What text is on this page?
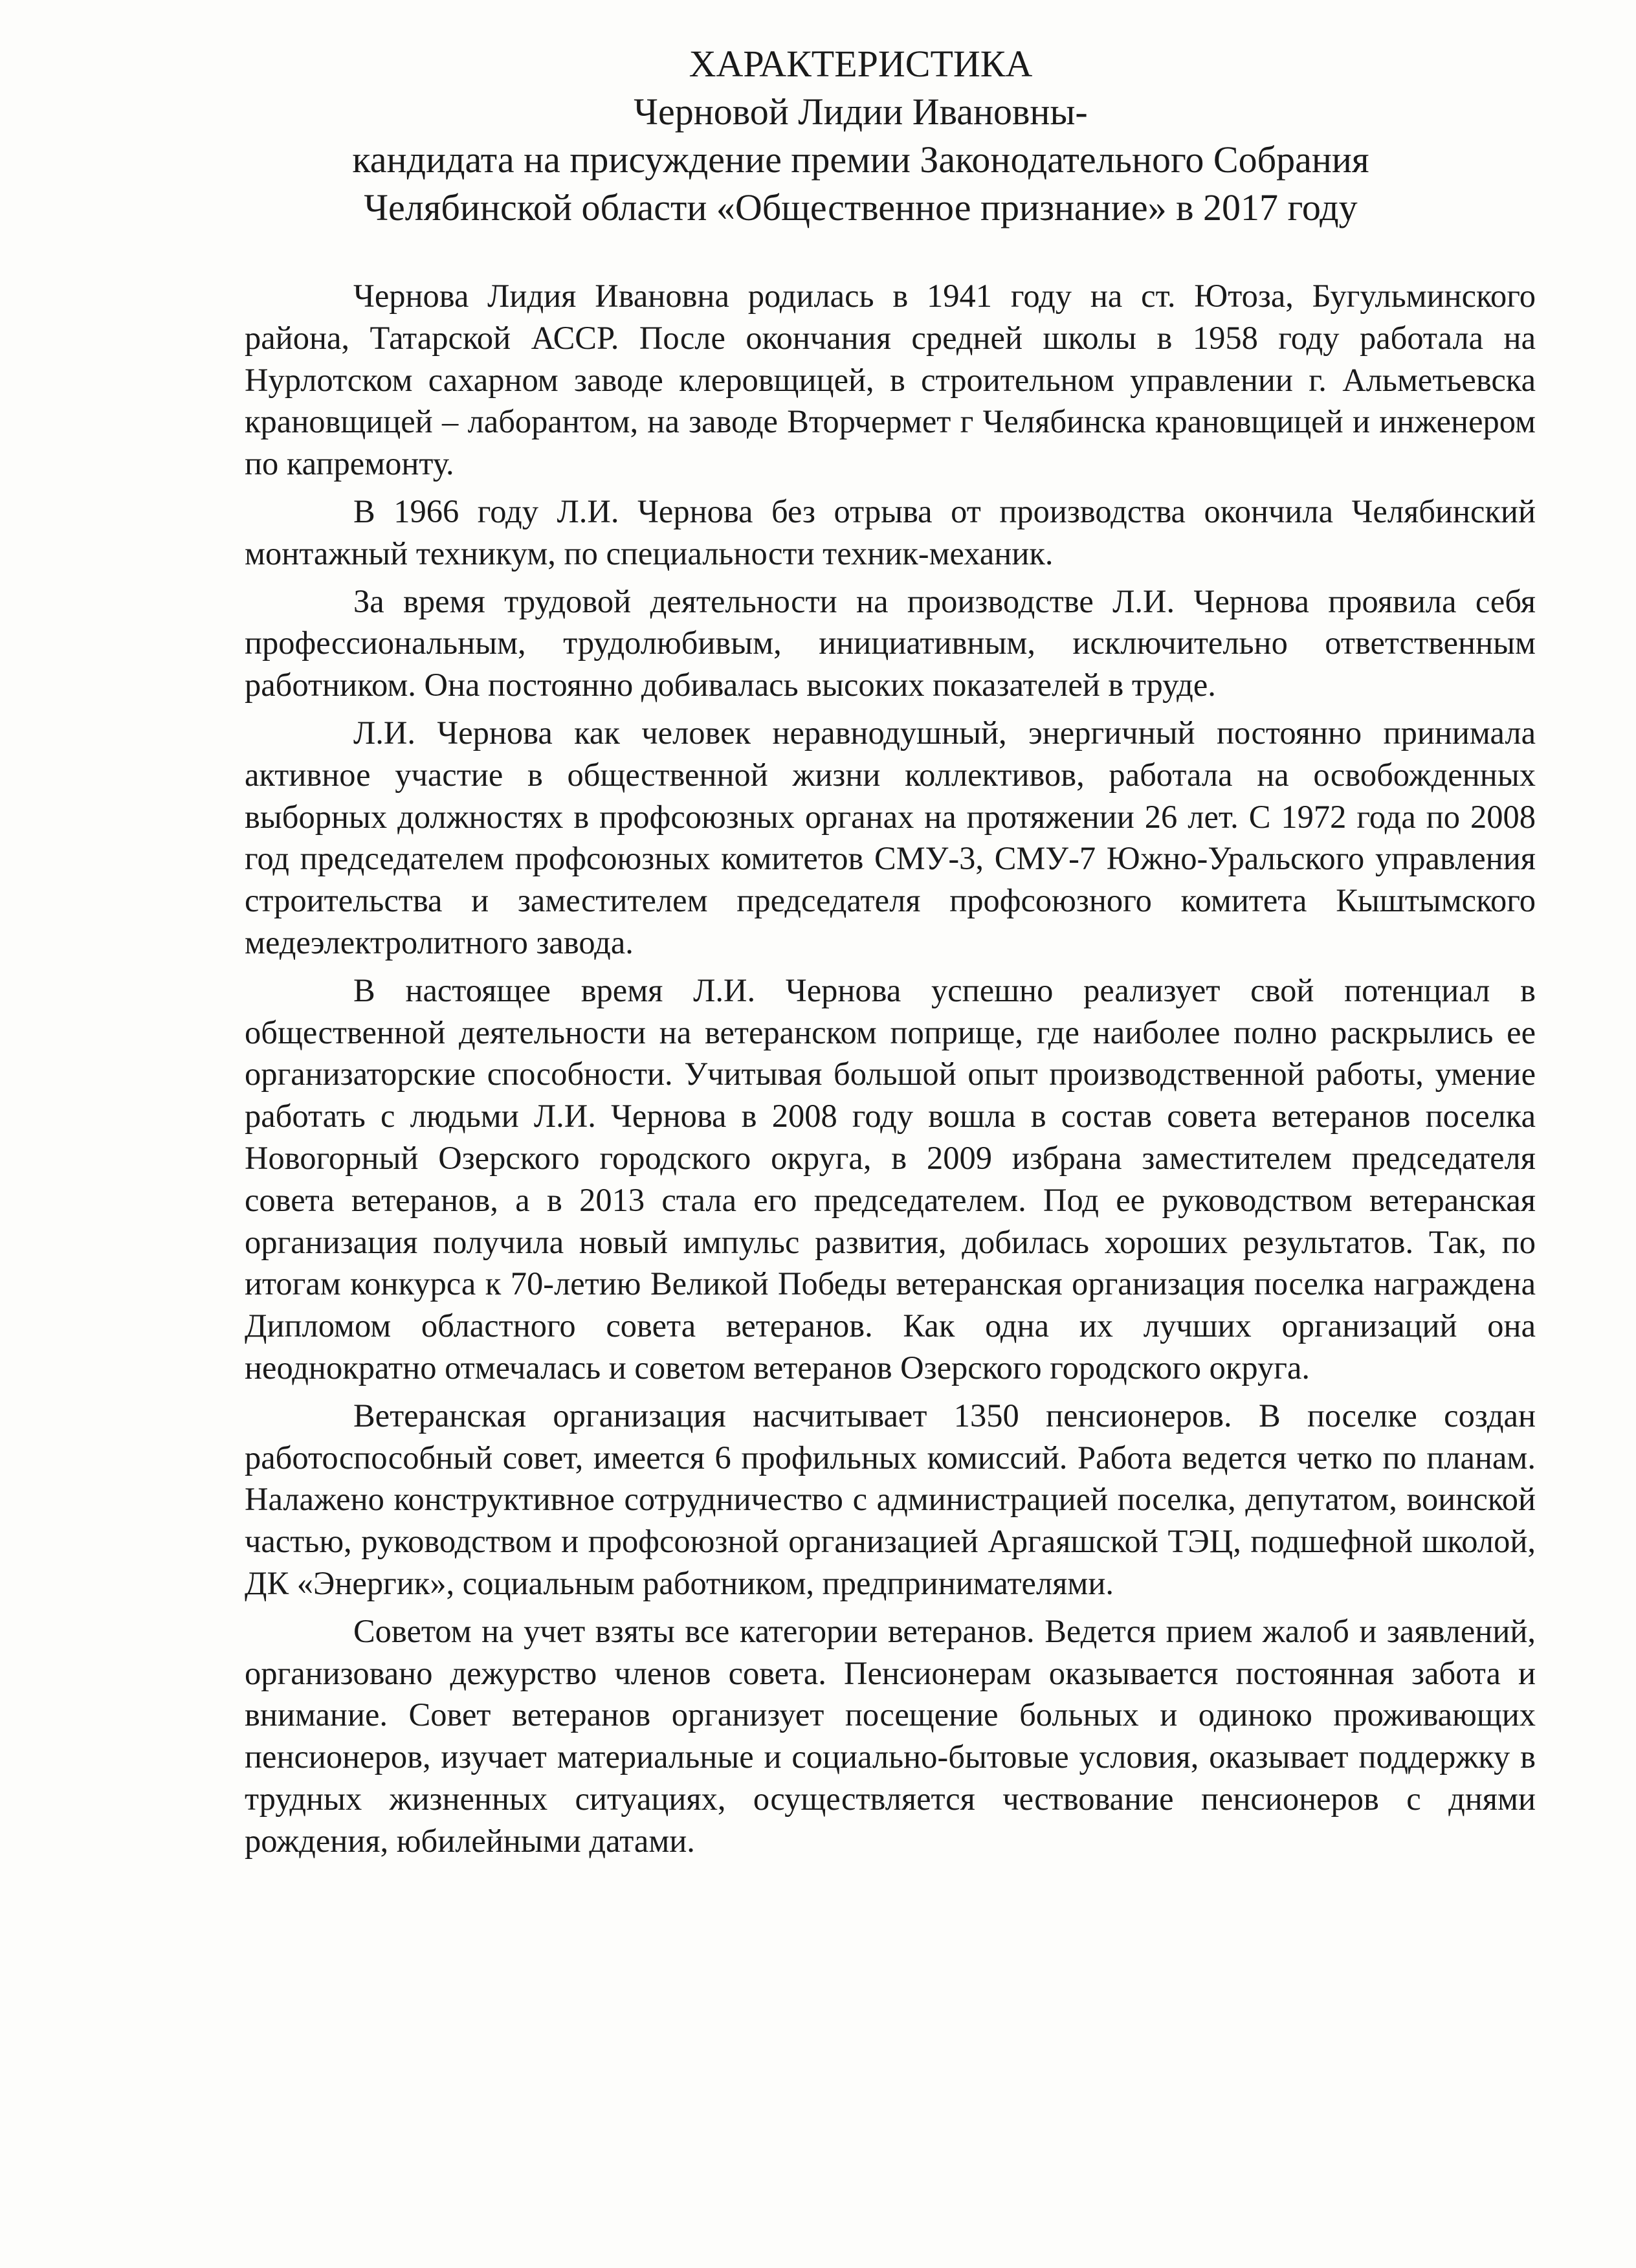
ХАРАКТЕРИСТИКА
Черновой Лидии Ивановны-
кандидата на присуждение премии Законодательного Собрания
Челябинской области «Общественное признание» в 2017 году

Чернова Лидия Ивановна родилась в 1941 году на ст. Ютоза, Бугульминского района, Татарской АССР. После окончания средней школы в 1958 году работала на Нурлотском сахарном заводе клеровщицей, в строительном управлении г. Альметьевска крановщицей – лаборантом, на заводе Вторчермет г Челябинска крановщицей и инженером по капремонту.

В 1966 году Л.И. Чернова без отрыва от производства окончила Челябинский монтажный техникум, по специальности техник-механик.

За время трудовой деятельности на производстве Л.И. Чернова проявила себя профессиональным, трудолюбивым, инициативным, исключительно ответственным работником. Она постоянно добивалась высоких показателей в труде.

Л.И. Чернова как человек неравнодушный, энергичный постоянно принимала активное участие в общественной жизни коллективов, работала на освобожденных выборных должностях в профсоюзных органах на протяжении 26 лет. С 1972 года по 2008 год председателем профсоюзных комитетов СМУ-3, СМУ-7 Южно-Уральского управления строительства и заместителем председателя профсоюзного комитета Кыштымского медеэлектролитного завода.

В настоящее время Л.И. Чернова успешно реализует свой потенциал в общественной деятельности на ветеранском поприще, где наиболее полно раскрылись ее организаторские способности. Учитывая большой опыт производственной работы, умение работать с людьми Л.И. Чернова в 2008 году вошла в состав совета ветеранов поселка Новогорный Озерского городского округа, в 2009 избрана заместителем председателя совета ветеранов, а в 2013 стала его председателем. Под ее руководством ветеранская организация получила новый импульс развития, добилась хороших результатов. Так, по итогам конкурса к 70-летию Великой Победы ветеранская организация поселка награждена Дипломом областного совета ветеранов. Как одна их лучших организаций она неоднократно отмечалась и советом ветеранов Озерского городского округа.

Ветеранская организация насчитывает 1350 пенсионеров. В поселке создан работоспособный совет, имеется 6 профильных комиссий. Работа ведется четко по планам. Налажено конструктивное сотрудничество с администрацией поселка, депутатом, воинской частью, руководством и профсоюзной организацией Аргаяшской ТЭЦ, подшефной школой, ДК «Энергик», социальным работником, предпринимателями.

Советом на учет взяты все категории ветеранов. Ведется прием жалоб и заявлений, организовано дежурство членов совета. Пенсионерам оказывается постоянная забота и внимание. Совет ветеранов организует посещение больных и одиноко проживающих пенсионеров, изучает материальные и социально-бытовые условия, оказывает поддержку в трудных жизненных ситуациях, осуществляется чествование пенсионеров с днями рождения, юбилейными датами.
